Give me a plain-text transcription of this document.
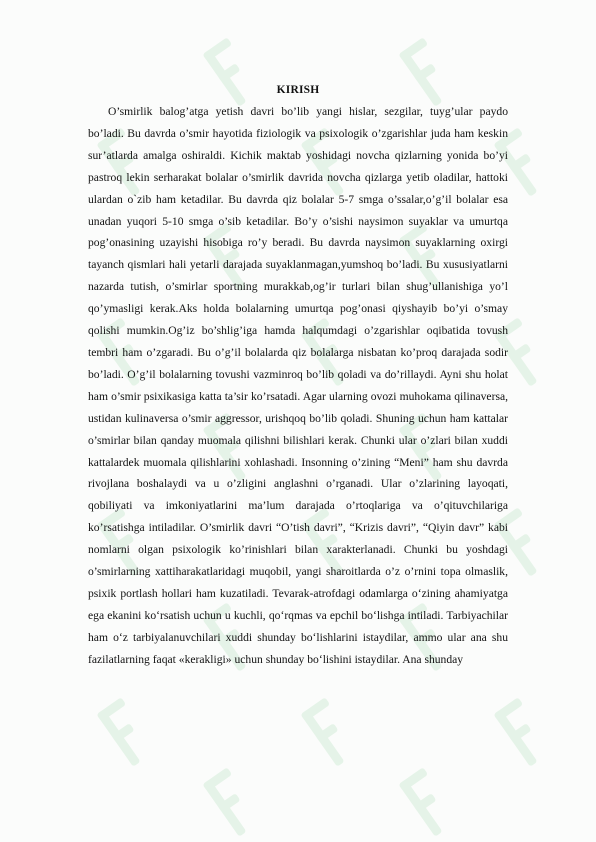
KIRISH

O’smirlik balog’atga yetish davri bo’lib yangi hislar, sezgilar, tuyg’ular paydo bo’ladi. Bu davrda o’smir hayotida fiziologik va psixologik o’zgarishlar juda ham keskin sur’atlarda amalga oshiraldi. Kichik maktab yoshidagi novcha qizlarning yonida bo’yi pastroq lekin serharakat bolalar o’smirlik davrida novcha qizlarga yetib oladilar, hattoki ulardan o`zib ham ketadilar. Bu davrda qiz bolalar 5-7 smga o’ssalar,o’g’il bolalar esa unadan yuqori 5-10 smga o’sib ketadilar. Bo’y o’sishi naysimon suyaklar va umurtqa pog’onasining uzayishi hisobiga ro’y beradi. Bu davrda naysimon suyaklarning oxirgi tayanch qismlari hali yetarli darajada suyaklanmagan,yumshoq bo’ladi. Bu xususiyatlarni nazarda tutish, o’smirlar sportning murakkab,og’ir turlari bilan shug’ullanishiga yo’l qo’ymasligi kerak.Aks holda bolalarning umurtqa pog’onasi qiyshayib bo’yi o’smay qolishi mumkin.Og’iz bo’shlig’iga hamda halqumdagi o’zgarishlar oqibatida tovush tembri ham o’zgaradi. Bu o’g’il bolalarda qiz bolalarga nisbatan ko’proq darajada sodir bo’ladi. O’g’il bolalarning tovushi vazminroq bo’lib qoladi va do’rillaydi. Ayni shu holat ham o’smir psixikasiga katta ta’sir ko’rsatadi. Agar ularning ovozi muhokama qilinaversa, ustidan kulinaversa o’smir aggressor, urishqoq bo’lib qoladi. Shuning uchun ham kattalar o’smirlar bilan qanday muomala qilishni bilishlari kerak. Chunki ular o’zlari bilan xuddi kattalardek muomala qilishlarini xohlashadi. Insonning o’zining “Meni” ham shu davrda rivojlana boshalaydi va u o’zligini anglashni o’rganadi. Ular o’zlarining layoqati, qobiliyati va imkoniyatlarini ma’lum darajada o’rtoqlariga va o’qituvchilariga ko’rsatishga intiladilar. O’smirlik davri “O’tish davri”, “Krizis davri”, “Qiyin davr” kabi nomlarni olgan psixologik ko’rinishlari bilan xarakterlanadi. Chunki bu yoshdagi o’smirlarning xattiharakatlaridagi muqobil, yangi sharoitlarda o’z o’rnini topa olmaslik, psixik portlash hollari ham kuzatiladi. Tevarak-atrofdagi odamlarga o‘zining ahamiyatga ega ekanini ko‘rsatish uchun u kuchli, qo‘rqmas va epchil bo‘lishga intiladi. Tarbiyachilar ham o‘z tarbiyalanuvchilari xuddi shunday bo‘lishlarini istaydilar, ammo ular ana shu fazilatlarning faqat «kerakligi» uchun shunday bo‘lishini istaydilar. Ana shunday
